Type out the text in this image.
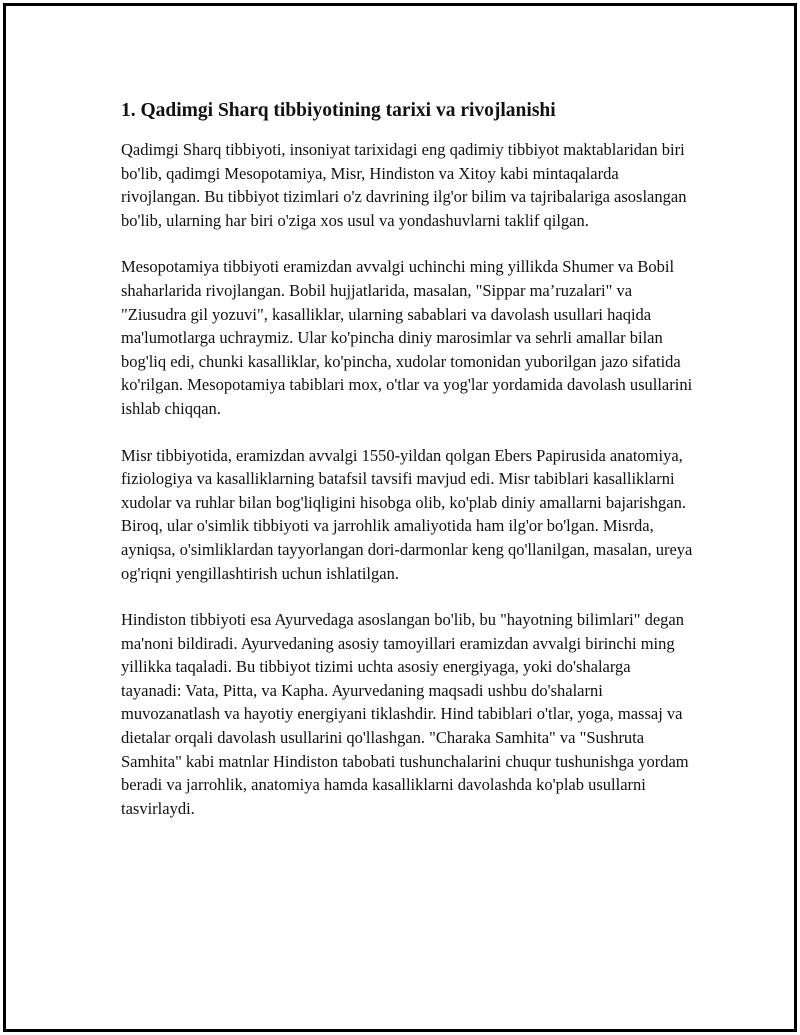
1. Qadimgi Sharq tibbiyotining tarixi va rivojlanishi

Qadimgi Sharq tibbiyoti, insoniyat tarixidagi eng qadimiy tibbiyot maktablaridan biri bo'lib, qadimgi Mesopotamiya, Misr, Hindiston va Xitoy kabi mintaqalarda rivojlangan. Bu tibbiyot tizimlari o'z davrining ilg'or bilim va tajribalariga asoslangan bo'lib, ularning har biri o'ziga xos usul va yondashuvlarni taklif qilgan.

Mesopotamiya tibbiyoti eramizdan avvalgi uchinchi ming yillikda Shumer va Bobil shaharlarida rivojlangan. Bobil hujjatlarida, masalan, "Sippar ma’ruzalari" va "Ziusudra gil yozuvi", kasalliklar, ularning sabablari va davolash usullari haqida ma'lumotlarga uchraymiz. Ular ko'pincha diniy marosimlar va sehrli amallar bilan bog'liq edi, chunki kasalliklar, ko'pincha, xudolar tomonidan yuborilgan jazo sifatida ko'rilgan. Mesopotamiya tabiblari mox, o'tlar va yog'lar yordamida davolash usullarini ishlab chiqqan.

Misr tibbiyotida, eramizdan avvalgi 1550-yildan qolgan Ebers Papirusida anatomiya, fiziologiya va kasalliklarning batafsil tavsifi mavjud edi. Misr tabiblari kasalliklarni xudolar va ruhlar bilan bog'liqligini hisobga olib, ko'plab diniy amallarni bajarishgan. Biroq, ular o'simlik tibbiyoti va jarrohlik amaliyotida ham ilg'or bo'lgan. Misrda, ayniqsa, o'simliklardan tayyorlangan dori-darmonlar keng qo'llanilgan, masalan, ureya og'riqni yengillashtirish uchun ishlatilgan.

Hindiston tibbiyoti esa Ayurvedaga asoslangan bo'lib, bu "hayotning bilimlari" degan ma'noni bildiradi. Ayurvedaning asosiy tamoyillari eramizdan avvalgi birinchi ming yillikka taqaladi. Bu tibbiyot tizimi uchta asosiy energiyaga, yoki do'shalarga tayanadi: Vata, Pitta, va Kapha. Ayurvedaning maqsadi ushbu do'shalarni muvozanatlash va hayotiy energiyani tiklashdir. Hind tabiblari o'tlar, yoga, massaj va dietalar orqali davolash usullarini qo'llashgan. "Charaka Samhita" va "Sushruta Samhita" kabi matnlar Hindiston tabobati tushunchalarini chuqur tushunishga yordam beradi va jarrohlik, anatomiya hamda kasalliklarni davolashda ko'plab usullarni tasvirlaydi.
